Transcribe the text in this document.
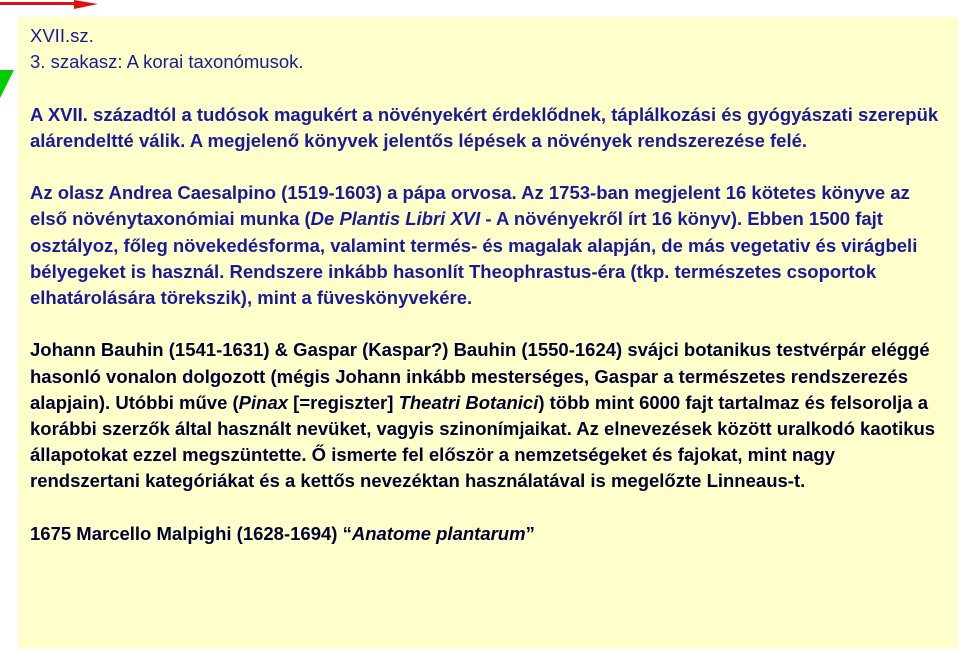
XVII.sz.

3. szakasz: A korai taxonómusok.

A XVII. századtól a tudósok magukért a növényekért érdeklődnek, táplálkozási és gyógyászati szerepük alárendeltté válik. A megjelenő könyvek jelentős lépések a növények rendszerezése felé.

Az olasz Andrea Caesalpino (1519-1603) a pápa orvosa. Az 1753-ban megjelent 16 kötetes könyve az első növénytaxonómiai munka (De Plantis Libri XVI - A növényekről írt 16 könyv). Ebben 1500 fajt osztályoz, főleg növekedésforma, valamint termés- és magalak alapján, de más vegetativ és virágbeli bélyegeket is használ. Rendszere inkább hasonlít Theophrastus-éra (tkp. természetes csoportok elhatárolására törekszik), mint a füveskönyvekére.

Johann Bauhin (1541-1631) & Gaspar (Kaspar?) Bauhin (1550-1624) svájci botanikus testvérpár eléggé hasonló vonalon dolgozott (mégis Johann inkább mesterséges, Gaspar a természetes rendszerezés alapjain). Utóbbi műve (Pinax [=regiszter] Theatri Botanici) több mint 6000 fajt tartalmaz és felsorolja a korábbi szerzők által használt nevüket, vagyis szinonímjaikat. Az elnevezések között uralkodó kaotikus állapotokat ezzel megszüntette. Ő ismerte fel először a nemzetségeket és fajokat, mint nagy rendszertani kategóriákat és a kettős nevezéktan használatával is megelőzte Linneaus-t.

1675 Marcello Malpighi (1628-1694) “Anatome plantarum”
